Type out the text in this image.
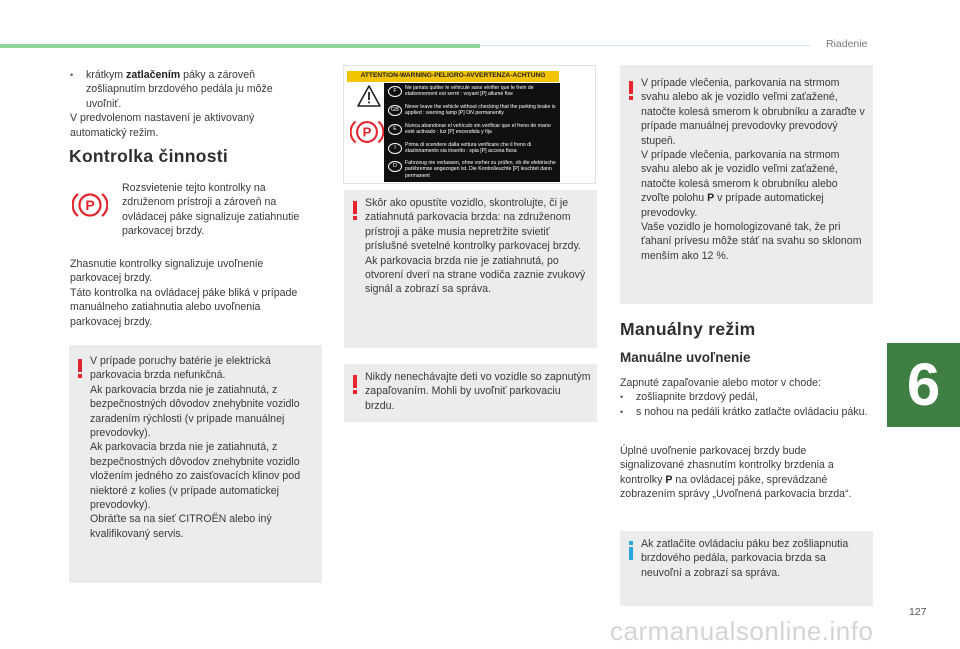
Riadenie
6
127
carmanualsonline.info
•	krátkym zatlačením páky a zároveň zošliapnutím brzdového pedála ju môže uvoľniť.
V predvolenom nastavení je aktivovaný automatický režim.
Kontrolka činnosti
P
Rozsvietenie tejto kontrolky na združenom prístroji a zároveň na ovládacej páke signalizuje zatiahnutie parkovacej brzdy.
Zhasnutie kontrolky signalizuje uvoľnenie parkovacej brzdy.
Táto kontrolka na ovládacej páke bliká v prípade manuálneho zatiahnutia alebo uvoľnenia parkovacej brzdy.
V prípade poruchy batérie je elektrická parkovacia brzda nefunkčná.
Ak parkovacia brzda nie je zatiahnutá, z bezpečnostných dôvodov znehybnite vozidlo zaradením rýchlosti (v prípade manuálnej prevodovky).
Ak parkovacia brzda nie je zatiahnutá, z bezpečnostných dôvodov znehybnite vozidlo vložením jedného zo zaisťovacích klinov pod niektoré z kolies (v prípade automatickej prevodovky).
Obráťte sa na sieť CITROËN alebo iný kvalifikovaný servis.
ATTENTION-WARNING-PELIGRO-AVVERTENZA-ACHTUNG
P
F	Ne jamais quitter le véhicule sans vérifier que le frein de stationnement est serré : voyant [P] allumé fixe
GB	Never leave the vehicle without checking that the parking brake is applied : warning lamp [P] ON permanently
E	Nunca abandonar el vehículo sin verificar que el freno de mano esté activado : luz [P] encendida y fija
I	Prima di scendere dalla vettura verificare che il freno di stazionamento sia inserito : spia [P] accesa fissa
D	Fahrzeug nie verlassen, ohne vorher zu prüfen, ob die elektrische parkbremse angezogen ist. Die Kontrolleuchte [P] leuchtet dann permanent
Skôr ako opustíte vozidlo, skontrolujte, či je zatiahnutá parkovacia brzda: na združenom prístroji a páke musia nepretržite svietiť príslušné svetelné kontrolky parkovacej brzdy.
Ak parkovacia brzda nie je zatiahnutá, po otvorení dverí na strane vodiča zaznie zvukový signál a zobrazí sa správa.
Nikdy nenechávajte deti vo vozidle so zapnutým zapaľovaním. Mohli by uvoľniť parkovaciu brzdu.
V prípade vlečenia, parkovania na strmom svahu alebo ak je vozidlo veľmi zaťažené, natočte kolesá smerom k obrubníku a zaraďte v prípade manuálnej prevodovky prevodový stupeň.
V prípade vlečenia, parkovania na strmom svahu alebo ak je vozidlo veľmi zaťažené, natočte kolesá smerom k obrubníku alebo zvoľte polohu P v prípade automatickej prevodovky.
Vaše vozidlo je homologizované tak, že pri ťahaní prívesu môže stáť na svahu so sklonom menším ako 12 %.
Manuálny režim
Manuálne uvoľnenie
Zapnuté zapaľovanie alebo motor v chode:
•	zošliapnite brzdový pedál,
•	s nohou na pedáli krátko zatlačte ovládaciu páku.
Úplné uvoľnenie parkovacej brzdy bude signalizované zhasnutím kontrolky brzdenia a kontrolky P na ovládacej páke, sprevádzané zobrazením správy „Uvoľnená parkovacia brzda“.
Ak zatlačíte ovládaciu páku bez zošliapnutia brzdového pedála, parkovacia brzda sa neuvoľní a zobrazí sa správa.
